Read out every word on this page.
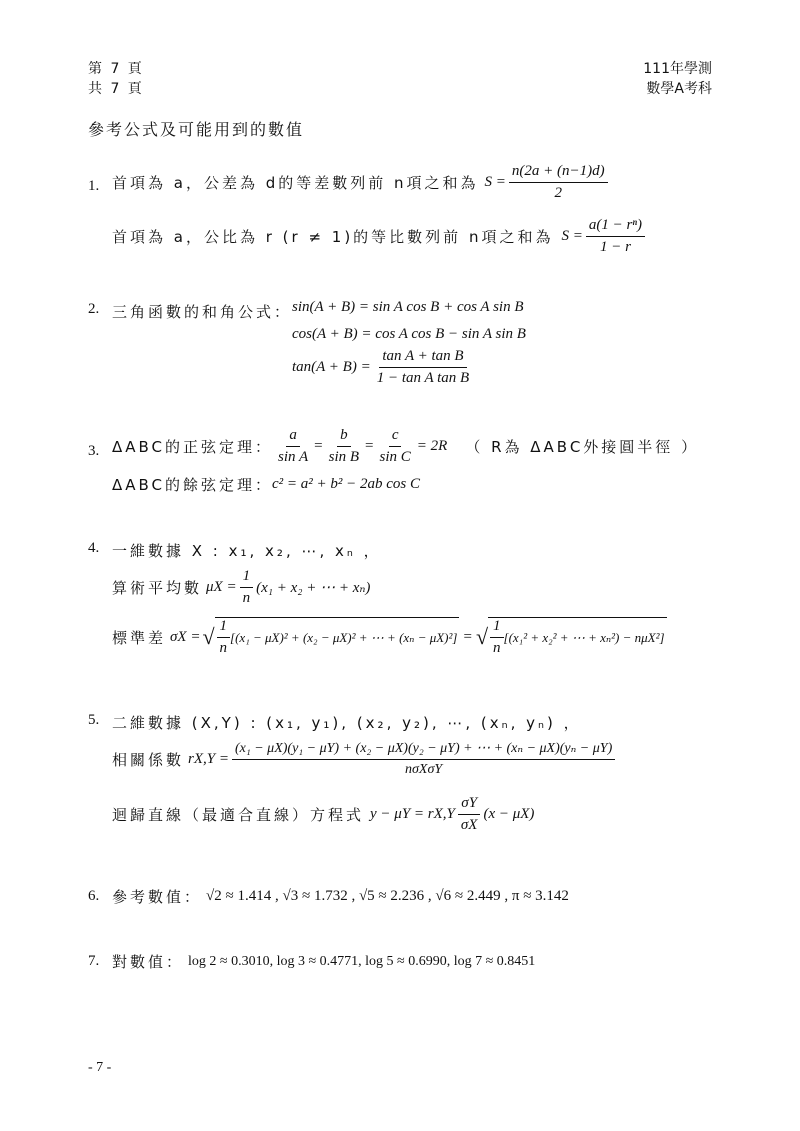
第 7 頁
共 7 頁
111年學測
數學A考科
參考公式及可能用到的數值
1. 首項為 a，公差為 d的等差數列前 n項之和為 $S = \frac{n(2a + (n-1)d)}{2}$
首項為 a，公比為 r (r ≠ 1)的等比數列前 n項之和為 $S = \frac{\text{a(1 − rⁿ)}}{1 - r}$
2. 三角函數的和角公式： sin(A + B) = sin A cos B + cos A sin B
cos(A + B) = cos A cos B − sin A sin B
$\tan(A + B) = \frac{\text{tan A + tan B}}{\text{1 − tan A tan B}}$
3. ΔABC的正弦定理： $\frac{a}{\text{sin A}} = \frac{b}{\text{sin B}} = \frac{c}{\text{sin C}} = 2R$ （ R為 ΔABC外接圓半徑 ）
ΔABC的餘弦定理：
c² = a² + b² − 2ab cos C
4. 一維數據 X : x₁, x₂, ⋯, xₙ ，
算術平均數 $\mu X = \frac{1}{n} (x_1 + x_2$ + ⋯ + xₙ)
標準差 σX = √ $\frac{1}{n} [(x_1 - \mu X)^2 + (x_2 - \mu X)^2$ + ⋯ + (xₙ − μX)²] = √ $\frac{1}{n} [(x_1^2 + x_2^2$ + ⋯ + xₙ²) − nμX²]
5. 二維數據 (X,Y) : (x₁, y₁), (x₂, y₂), ⋯, (xₙ, yₙ) ，
相關係數 rX,Y =
(x₁ − μX)(y₁ − μY) + (x₂ − μX)(y₂ − μY) + ⋯ + (xₙ − μX)(yₙ − μY)
nσXσY
迴歸直線（最適合直線）方程式 $y - \mu Y = rX,Y \frac{\sigma Y}{\sigma X} (x - \mu X)$
6. 參考數值： √2 ≈ 1.414 , √3 ≈ 1.732 , √5 ≈ 2.236 , √6 ≈ 2.449 , π ≈ 3.142
7. 對數值： log 2 ≈ 0.3010, log 3 ≈ 0.4771, log 5 ≈ 0.6990, log 7 ≈ 0.8451
- 7 -
